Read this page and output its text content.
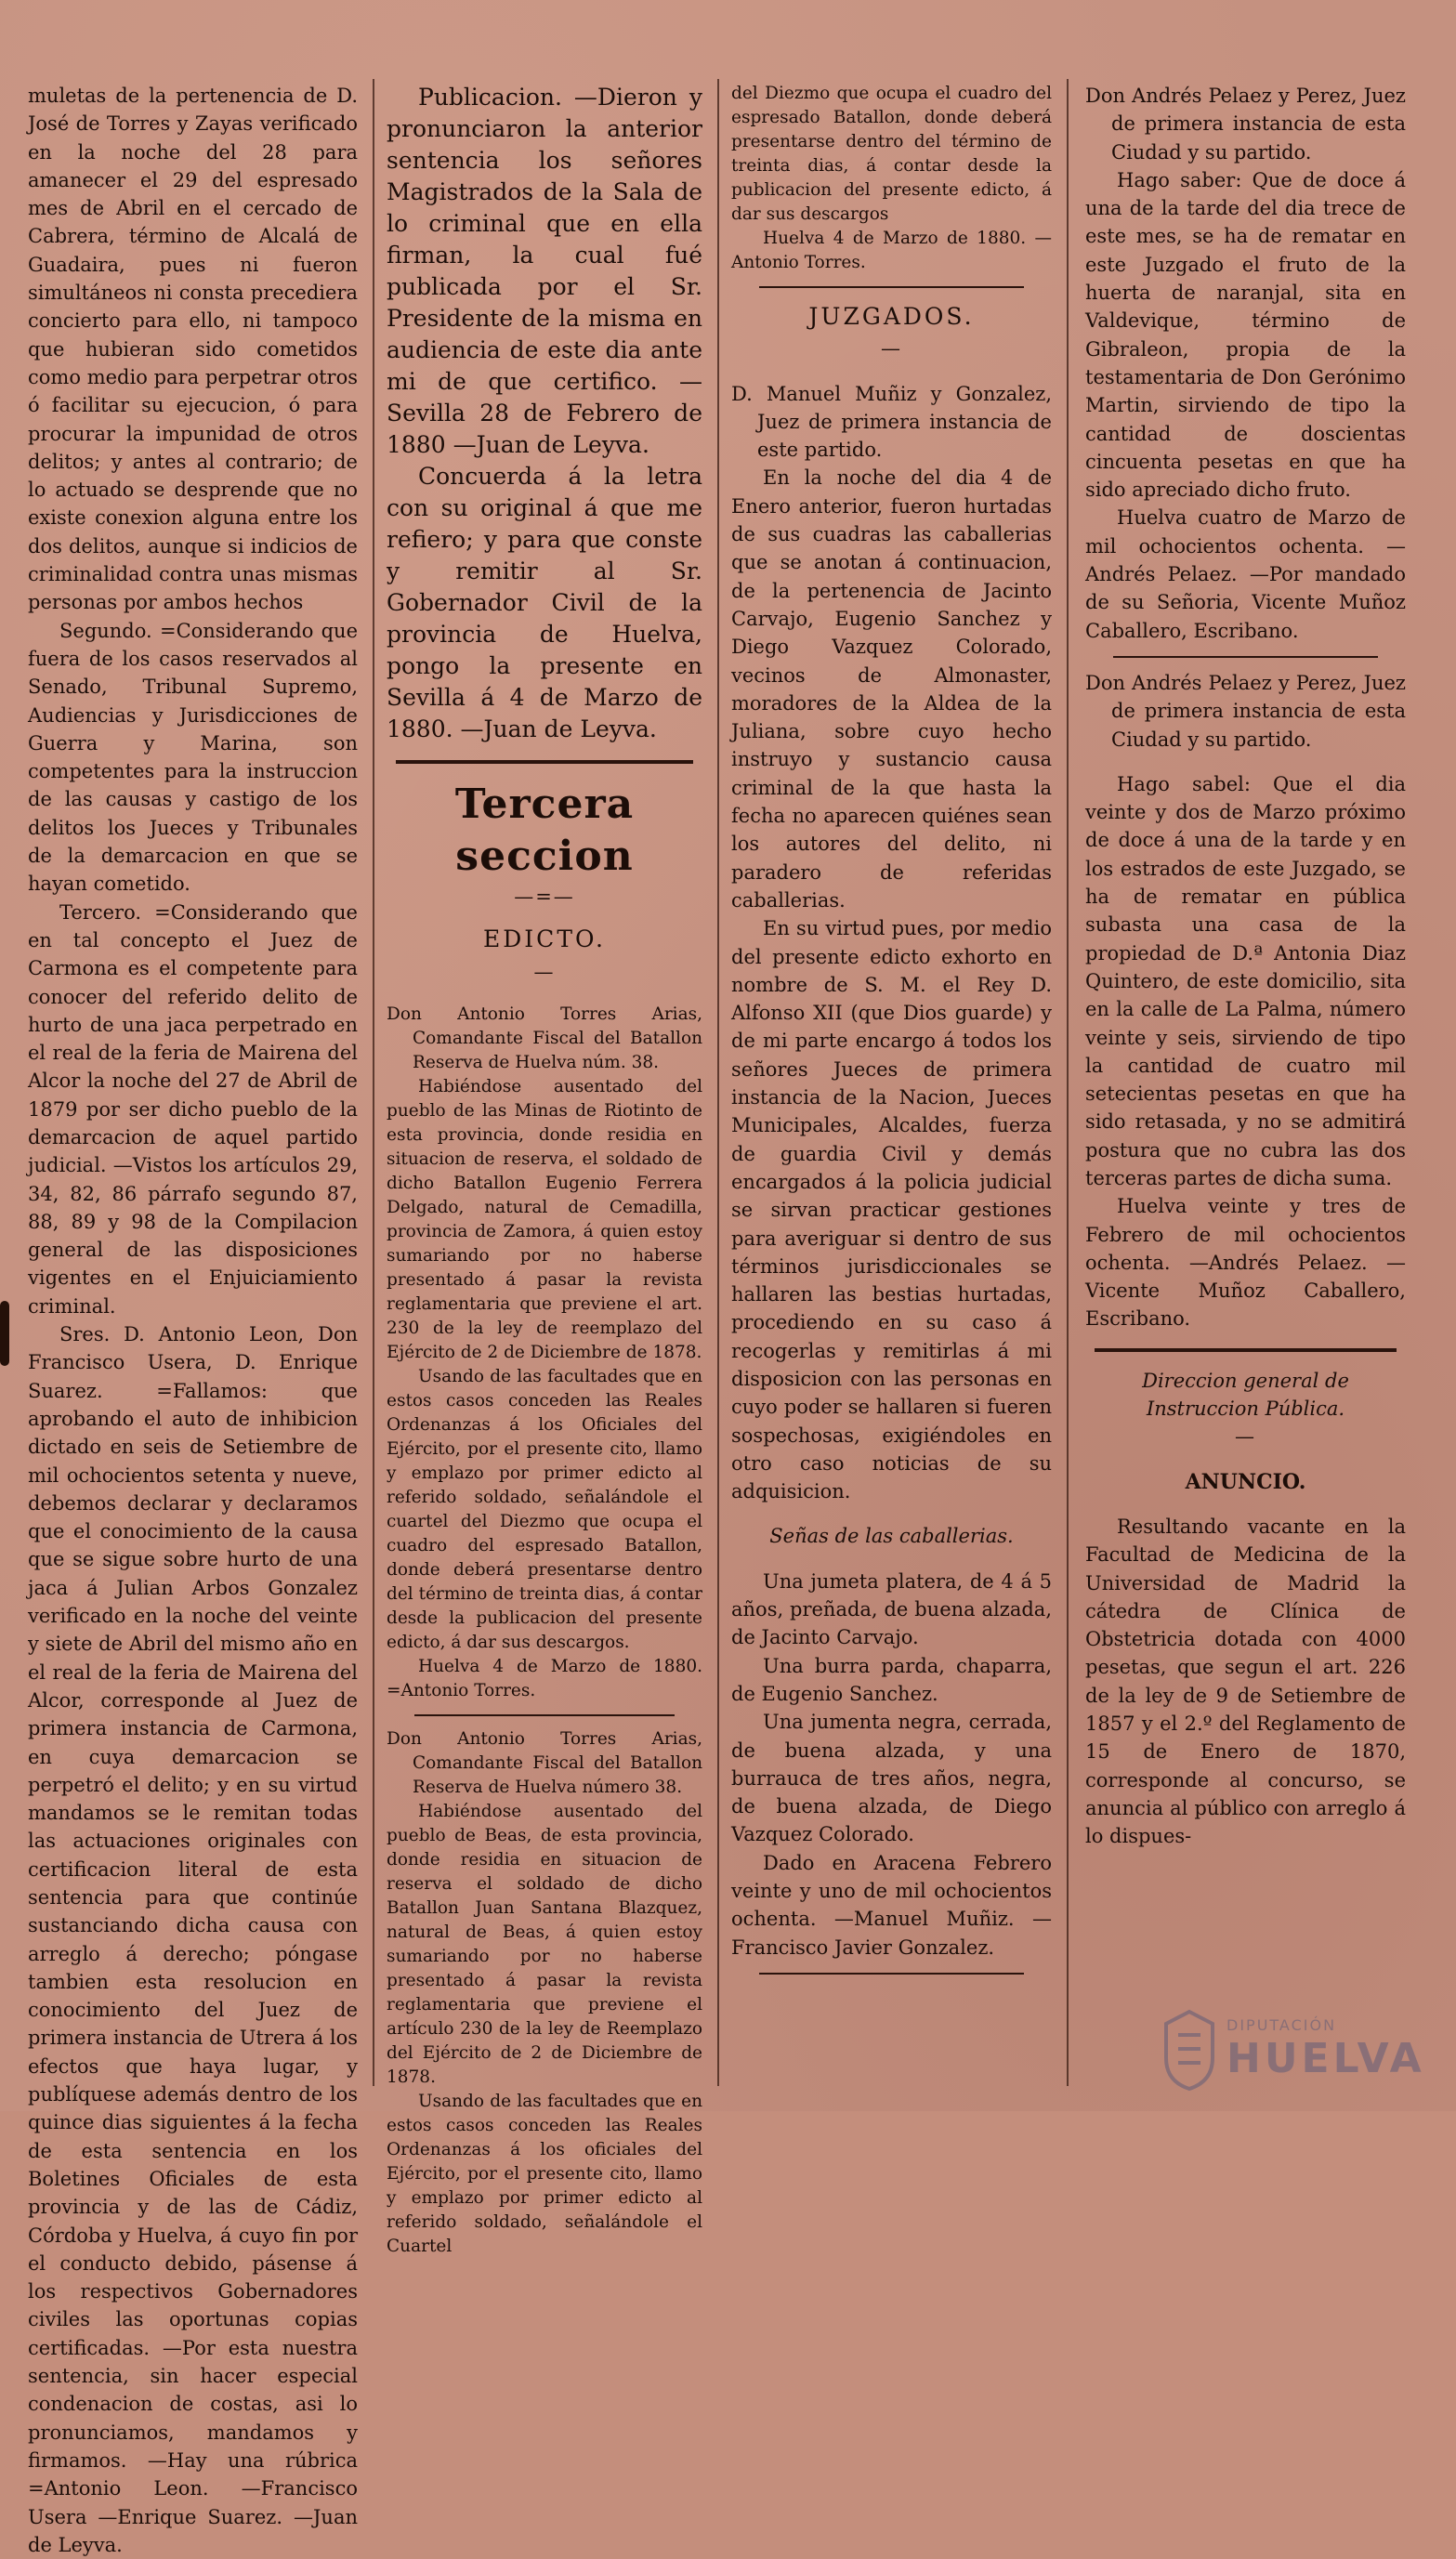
muletas de la pertenencia de D. José de Torres y Zayas verificado en la noche del 28 para amanecer el 29 del espresado mes de Abril en el cercado de Cabrera, término de Alcalá de Guadaira, pues ni fueron simultáneos ni consta precediera concierto para ello, ni tampoco que hubieran sido cometidos como medio para perpetrar otros ó facilitar su ejecucion, ó para procurar la impunidad de otros delitos; y antes al contrario; de lo actuado se desprende que no existe conexion alguna entre los dos delitos, aunque si indicios de criminalidad contra unas mismas personas por ambos hechos

Segundo. =Considerando que fuera de los casos reservados al Senado, Tribunal Supremo, Audiencias y Jurisdicciones de Guerra y Marina, son competentes para la instruccion de las causas y castigo de los delitos los Jueces y Tribunales de la demarcacion en que se hayan cometido.

Tercero. =Considerando que en tal concepto el Juez de Carmona es el competente para conocer del referido delito de hurto de una jaca perpetrado en el real de la feria de Mairena del Alcor la noche del 27 de Abril de 1879 por ser dicho pueblo de la demarcacion de aquel partido judicial. —Vistos los artículos 29, 34, 82, 86 párrafo segundo 87, 88, 89 y 98 de la Compilacion general de las disposiciones vigentes en el Enjuiciamiento criminal.

Sres. D. Antonio Leon, Don Francisco Usera, D. Enrique Suarez. =Fallamos: que aprobando el auto de inhibicion dictado en seis de Setiembre de mil ochocientos setenta y nueve, debemos declarar y declaramos que el conocimiento de la causa que se sigue sobre hurto de una jaca á Julian Arbos Gonzalez verificado en la noche del veinte y siete de Abril del mismo año en el real de la feria de Mairena del Alcor, corresponde al Juez de primera instancia de Carmona, en cuya demarcacion se perpetró el delito; y en su virtud mandamos se le remitan todas las actuaciones originales con certificacion literal de esta sentencia para que continúe sustanciando dicha causa con arreglo á derecho; póngase tambien esta resolucion en conocimiento del Juez de primera instancia de Utrera á los efectos que haya lugar, y publíquese además dentro de los quince dias siguientes á la fecha de esta sentencia en los Boletines Oficiales de esta provincia y de las de Cádiz, Córdoba y Huelva, á cuyo fin por el conducto debido, pásense á los respectivos Gobernadores civiles las oportunas copias certificadas. —Por esta nuestra sentencia, sin hacer especial condenacion de costas, asi lo pronunciamos, mandamos y firmamos. —Hay una rúbrica =Antonio Leon. —Francisco Usera —Enrique Suarez. —Juan de Leyva.

Publicacion. —Dieron y pronunciaron la anterior sentencia los señores Magistrados de la Sala de lo criminal que en ella firman, la cual fué publicada por el Sr. Presidente de la misma en audiencia de este dia ante mi de que certifico. —Sevilla 28 de Febrero de 1880 —Juan de Leyva.

Concuerda á la letra con su original á que me refiero; y para que conste y remitir al Sr. Gobernador Civil de la provincia de Huelva, pongo la presente en Sevilla á 4 de Marzo de 1880. —Juan de Leyva.

Tercera seccion
—=—
EDICTO.
—

Don Antonio Torres Arias, Comandante Fiscal del Batallon Reserva de Huelva núm. 38.

Habiéndose ausentado del pueblo de las Minas de Riotinto de esta provincia, donde residia en situacion de reserva, el soldado de dicho Batallon Eugenio Ferrera Delgado, natural de Cemadilla, provincia de Zamora, á quien estoy sumariando por no haberse presentado á pasar la revista reglamentaria que previene el art. 230 de la ley de reemplazo del Ejército de 2 de Diciembre de 1878.

Usando de las facultades que en estos casos conceden las Reales Ordenanzas á los Oficiales del Ejército, por el presente cito, llamo y emplazo por primer edicto al referido soldado, señalándole el cuartel del Diezmo que ocupa el cuadro del espresado Batallon, donde deberá presentarse dentro del término de treinta dias, á contar desde la publicacion del presente edicto, á dar sus descargos.

Huelva 4 de Marzo de 1880. =Antonio Torres.

Don Antonio Torres Arias, Comandante Fiscal del Batallon Reserva de Huelva número 38.

Habiéndose ausentado del pueblo de Beas, de esta provincia, donde residia en situacion de reserva el soldado de dicho Batallon Juan Santana Blazquez, natural de Beas, á quien estoy sumariando por no haberse presentado á pasar la revista reglamentaria que previene el artículo 230 de la ley de Reemplazo del Ejército de 2 de Diciembre de 1878.

Usando de las facultades que en estos casos conceden las Reales Ordenanzas á los oficiales del Ejército, por el presente cito, llamo y emplazo por primer edicto al referido soldado, señalándole el Cuartel

del Diezmo que ocupa el cuadro del espresado Batallon, donde deberá presentarse dentro del término de treinta dias, á contar desde la publicacion del presente edicto, á dar sus descargos

Huelva 4 de Marzo de 1880. —Antonio Torres.

JUZGADOS.
—

D. Manuel Muñiz y Gonzalez, Juez de primera instancia de este partido.

En la noche del dia 4 de Enero anterior, fueron hurtadas de sus cuadras las caballerias que se anotan á continuacion, de la pertenencia de Jacinto Carvajo, Eugenio Sanchez y Diego Vazquez Colorado, vecinos de Almonaster, moradores de la Aldea de la Juliana, sobre cuyo hecho instruyo y sustancio causa criminal de la que hasta la fecha no aparecen quiénes sean los autores del delito, ni paradero de referidas caballerias.

En su virtud pues, por medio del presente edicto exhorto en nombre de S. M. el Rey D. Alfonso XII (que Dios guarde) y de mi parte encargo á todos los señores Jueces de primera instancia de la Nacion, Jueces Municipales, Alcaldes, fuerza de guardia Civil y demás encargados á la policia judicial se sirvan practicar gestiones para averiguar si dentro de sus términos jurisdiccionales se hallaren las bestias hurtadas, procediendo en su caso á recogerlas y remitirlas á mi disposicion con las personas en cuyo poder se hallaren si fueren sospechosas, exigiéndoles en otro caso noticias de su adquisicion.

Señas de las caballerias.

Una jumeta platera, de 4 á 5 años, preñada, de buena alzada, de Jacinto Carvajo.

Una burra parda, chaparra, de Eugenio Sanchez.

Una jumenta negra, cerrada, de buena alzada, y una burrauca de tres años, negra, de buena alzada, de Diego Vazquez Colorado.

Dado en Aracena Febrero veinte y uno de mil ochocientos ochenta. —Manuel Muñiz. —Francisco Javier Gonzalez.

Don Andrés Pelaez y Perez, Juez de primera instancia de esta Ciudad y su partido.

Hago saber: Que de doce á una de la tarde del dia trece de este mes, se ha de rematar en este Juzgado el fruto de la huerta de naranjal, sita en Valdevique, término de Gibraleon, propia de la testamentaria de Don Gerónimo Martin, sirviendo de tipo la cantidad de doscientas cincuenta pesetas en que ha sido apreciado dicho fruto.

Huelva cuatro de Marzo de mil ochocientos ochenta. —Andrés Pelaez. —Por mandado de su Señoria, Vicente Muñoz Caballero, Escribano.

Don Andrés Pelaez y Perez, Juez de primera instancia de esta Ciudad y su partido.

Hago sabel: Que el dia veinte y dos de Marzo próximo de doce á una de la tarde y en los estrados de este Juzgado, se ha de rematar en pública subasta una casa de la propiedad de D.ª Antonia Diaz Quintero, de este domicilio, sita en la calle de La Palma, número veinte y seis, sirviendo de tipo la cantidad de cuatro mil setecientas pesetas en que ha sido retasada, y no se admitirá postura que no cubra las dos terceras partes de dicha suma.

Huelva veinte y tres de Febrero de mil ochocientos ochenta. —Andrés Pelaez. —Vicente Muñoz Caballero, Escribano.

Direccion general de Instruccion Pública.

—

ANUNCIO.

Resultando vacante en la Facultad de Medicina de la Universidad de Madrid la cátedra de Clínica de Obstetricia dotada con 4000 pesetas, que segun el art. 226 de la ley de 9 de Setiembre de 1857 y el 2.º del Reglamento de 15 de Enero de 1870, corresponde al concurso, se anuncia al público con arreglo á lo dispues-

DIPUTACIÓN
HUELVA
